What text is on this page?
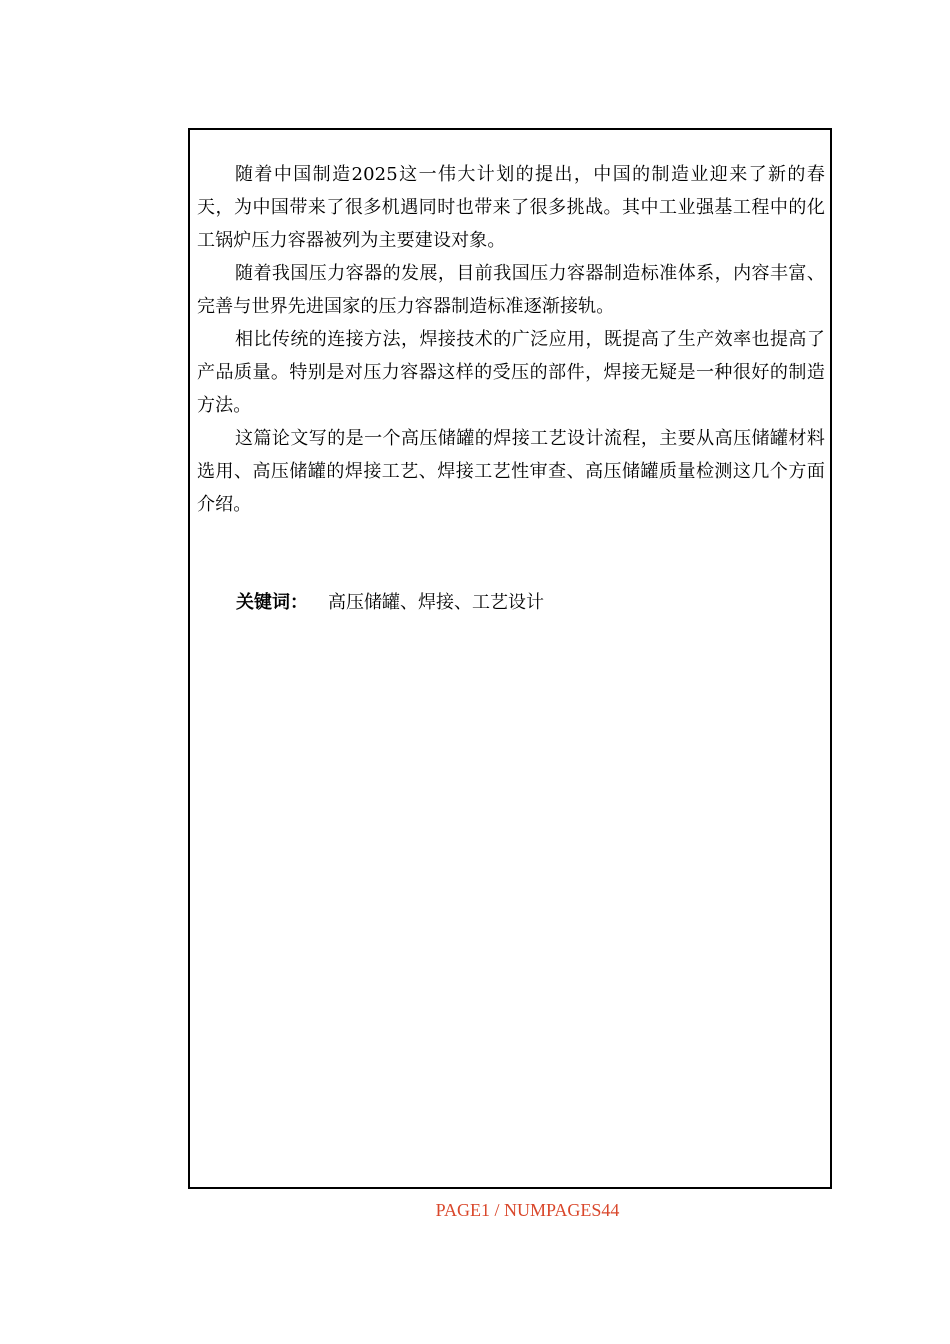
随着中国制造2025这一伟大计划的提出，中国的制造业迎来了新的春天，为中国带来了很多机遇同时也带来了很多挑战。其中工业强基工程中的化工锅炉压力容器被列为主要建设对象。

随着我国压力容器的发展，目前我国压力容器制造标准体系，内容丰富、完善与世界先进国家的压力容器制造标准逐渐接轨。

相比传统的连接方法，焊接技术的广泛应用，既提高了生产效率也提高了产品质量。特别是对压力容器这样的受压的部件，焊接无疑是一种很好的制造方法。

这篇论文写的是一个高压储罐的焊接工艺设计流程，主要从高压储罐材料选用、高压储罐的焊接工艺、焊接工艺性审查、高压储罐质量检测这几个方面介绍。

关键词： 高压储罐、焊接、工艺设计
PAGE1 / NUMPAGES44
